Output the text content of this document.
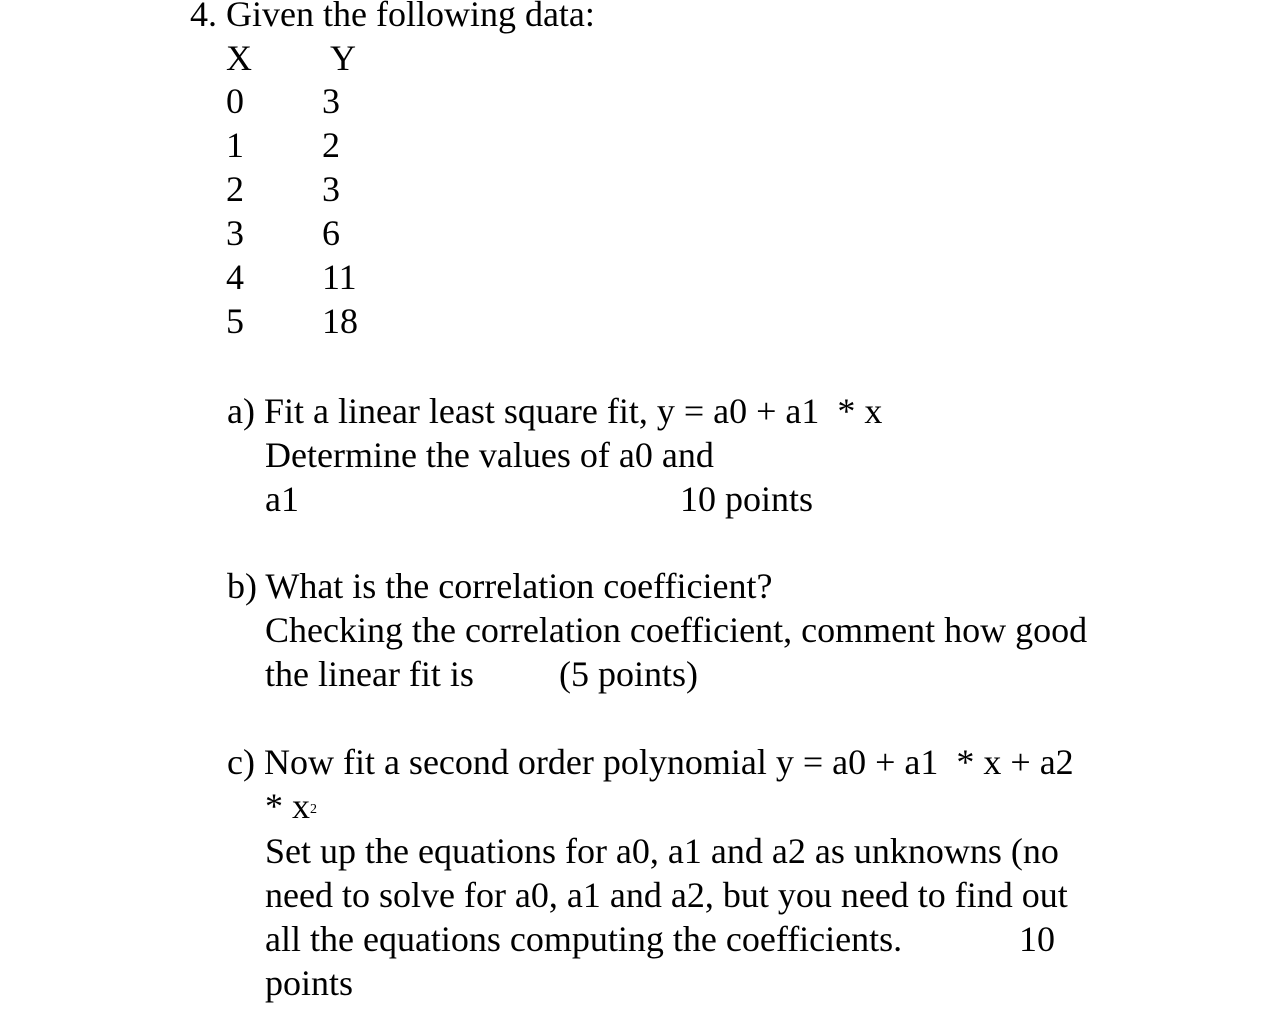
4. Given the following data:
X Y
0 3
1 2
2 3
3 6
4 11
5 18
a) Fit a linear least square fit, y = a0 + a1  * x
Determine the values of a0 and
a1	10 points
b) What is the correlation coefficient?
Checking the correlation coefficient, comment how good
the linear fit is (5 points)
c) Now fit a second order polynomial y = a0 + a1  * x + a2
* $x^2$
Set up the equations for a0, a1 and a2 as unknowns (no
need to solve for a0, a1 and a2, but you need to find out
all the equations computing the coefficients.	10
points
